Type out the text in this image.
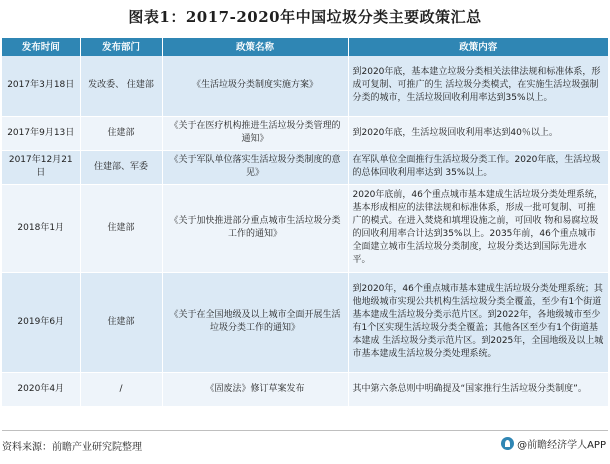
图表1：2017-2020年中国垃圾分类主要政策汇总
发布时间	发布部门	政策名称	政策内容
2017年3月18日	发改委、 住建部	《生活垃圾分类制度实施方案》	到2020年底，基本建立垃圾分类相关法律法规和标准体系，形成可复制、可推广的生 活垃圾分类模式，在实施生活垃圾强制分类的城市，生活垃圾回收利用率达到35%以上。
2017年9月13日	住建部	《关于在医疗机构推进生活垃圾分类管理的通知》	到2020年底，生活垃圾回收利用率达到40％以上。
2017年12月21日	住建部、军委	《关于军队单位落实生活垃圾分类制度的意见》	在军队单位全面推行生活垃圾分类工作。2020年底，生活垃圾的总体回收利用率达到 35%以上。
2018年1月	住建部	《关于加快推进部分重点城市生活垃圾分类工作的通知》	2020年底前，46个重点城市基本建成生活垃圾分类处理系统，基本形成相应的法律法规和标准体系，形成一批可复制、可推广的模式。在进入焚烧和填埋设施之前，可回收 物和易腐垃圾的回收利用率合计达到35%以上。2035年前，46个重点城市全面建立城市生活垃圾分类制度，垃圾分类达到国际先进水平。
2019年6月	住建部	《关于在全国地级及以上城市全面开展生活垃圾分类工作的通知》	到2020年，46个重点城市基本建成生活垃圾分类处理系统；其他地级城市实现公共机构生活垃圾分类全覆盖，至少有1个街道基本建成生活垃圾分类示范片区。到2022年，各地级城市至少有1个区实现生活垃圾分类全覆盖；其他各区至少有1个街道基本建成 生活垃圾分类示范片区。到2025年，全国地级及以上城市基本建成生活垃圾分类处理系统。
2020年4月	/	《固废法》修订草案发布	其中第六条总则中明确提及“国家推行生活垃圾分类制度”。
资料来源：前瞻产业研究院整理	@前瞻经济学人APP
